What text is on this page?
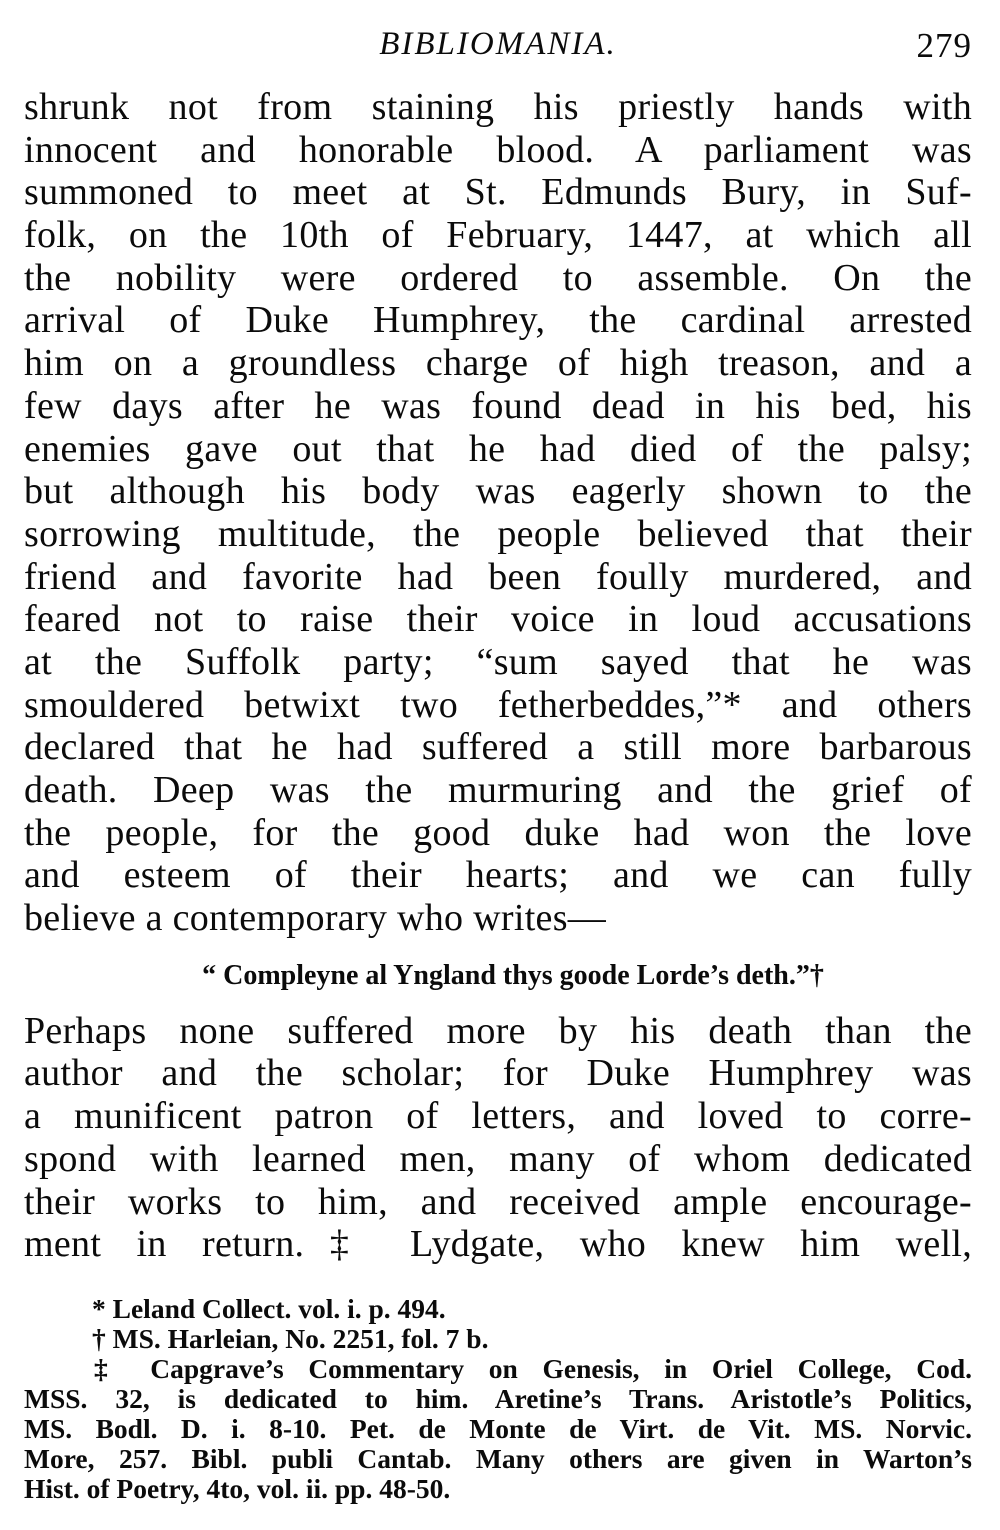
BIBLIOMANIA.	279
shrunk not from staining his priestly hands with
innocent and honorable blood. A parliament was
summoned to meet at St. Edmunds Bury, in Suf-
folk, on the 10th of February, 1447, at which all
the nobility were ordered to assemble. On the
arrival of Duke Humphrey, the cardinal arrested
him on a groundless charge of high treason, and a
few days after he was found dead in his bed, his
enemies gave out that he had died of the palsy;
but although his body was eagerly shown to the
sorrowing multitude, the people believed that their
friend and favorite had been foully murdered, and
feared not to raise their voice in loud accusations
at the Suffolk party; “sum sayed that he was
smouldered betwixt two fetherbeddes,”* and others
declared that he had suffered a still more barbarous
death. Deep was the murmuring and the grief of
the people, for the good duke had won the love
and esteem of their hearts; and we can fully
believe a contemporary who writes—
“ Compleyne al Yngland thys goode Lorde’s deth.”†
Perhaps none suffered more by his death than the
author and the scholar; for Duke Humphrey was
a munificent patron of letters, and loved to corre-
spond with learned men, many of whom dedicated
their works to him, and received ample encourage-
ment in return.‡ Lydgate, who knew him well,
* Leland Collect. vol. i. p. 494.
† MS. Harleian, No. 2251, fol. 7 b.
‡ Capgrave’s Commentary on Genesis, in Oriel College, Cod.
MSS. 32, is dedicated to him. Aretine’s Trans. Aristotle’s Politics,
MS. Bodl. D. i. 8-10. Pet. de Monte de Virt. de Vit. MS. Norvic.
More, 257. Bibl. publi Cantab. Many others are given in Warton’s
Hist. of Poetry, 4to, vol. ii. pp. 48-50.
